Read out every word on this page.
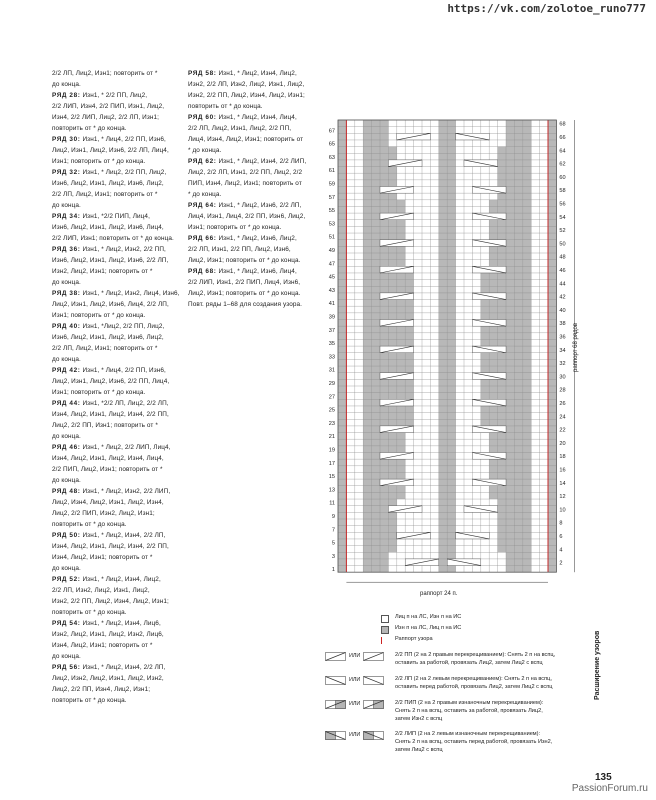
https://vk.com/zolotoe_runo777

2/2 ЛП, Лиц2, Изн1; повторить от *

до конца.

РЯД 28: Изн1, * 2/2 ПП, Лиц2,

2/2 ЛИП, Изн4, 2/2 ПИП, Изн1, Лиц2,

Изн4, 2/2 ЛИП, Лиц2, 2/2 ЛП, Изн1;

повторить от * до конца.

РЯД 30: Изн1, * Лиц4, 2/2 ПП, Изн6,

Лиц2, Изн1, Лиц2, Изн6, 2/2 ЛП, Лиц4,

Изн1; повторить от * до конца.

РЯД 32: Изн1, * Лиц2, 2/2 ПП, Лиц2,

Изн6, Лиц2, Изн1, Лиц2, Изн6, Лиц2,

2/2 ЛП, Лиц2, Изн1; повторить от *

до конца.

РЯД 34: Изн1, *2/2 ПИП, Лиц4,

Изн6, Лиц2, Изн1, Лиц2, Изн6, Лиц4,

2/2 ЛИП, Изн1; повторить от * до конца.

РЯД 36: Изн1, * Лиц2, Изн2, 2/2 ПП,

Изн6, Лиц2, Изн1, Лиц2, Изн6, 2/2 ЛП,

Изн2, Лиц2, Изн1; повторить от *

до конца.

РЯД 38: Изн1, * Лиц2, Изн2, Лиц4, Изн6,

Лиц2, Изн1, Лиц2, Изн6, Лиц4, 2/2 ЛП,

Изн1; повторить от * до конца.

РЯД 40: Изн1, *Лиц2, 2/2 ПП, Лиц2,

Изн6, Лиц2, Изн1, Лиц2, Изн6, Лиц2,

2/2 ЛП, Лиц2, Изн1; повторить от *

до конца.

РЯД 42: Изн1, * Лиц4, 2/2 ПП, Изн6,

Лиц2, Изн1, Лиц2, Изн6, 2/2 ПП, Лиц4,

Изн1; повторить от * до конца.

РЯД 44: Изн1, *2/2 ЛП, Лиц2, 2/2 ЛП,

Изн4, Лиц2, Изн1, Лиц2, Изн4, 2/2 ПП,

Лиц2, 2/2 ПП, Изн1; повторить от *

до конца.

РЯД 46: Изн1, * Лиц2, 2/2 ЛИП, Лиц4,

Изн4, Лиц2, Изн1, Лиц2, Изн4, Лиц4,

2/2 ПИП, Лиц2, Изн1; повторить от *

до конца.

РЯД 48: Изн1, * Лиц2, Изн2, 2/2 ЛИП,

Лиц2, Изн4, Лиц2, Изн1, Лиц2, Изн4,

Лиц2, 2/2 ПИП, Изн2, Лиц2, Изн1;

повторить от * до конца.

РЯД 50: Изн1, * Лиц2, Изн4, 2/2 ЛП,

Изн4, Лиц2, Изн1, Лиц2, Изн4, 2/2 ПП,

Изн4, Лиц2, Изн1; повторить от *

до конца.

РЯД 52: Изн1, * Лиц2, Изн4, Лиц2,

2/2 ЛП, Изн2, Лиц2, Изн1, Лиц2,

Изн2, 2/2 ПП, Лиц2, Изн4, Лиц2, Изн1;

повторить от * до конца.

РЯД 54: Изн1, * Лиц2, Изн4, Лиц6,

Изн2, Лиц2, Изн1, Лиц2, Изн2, Лиц6,

Изн4, Лиц2, Изн1; повторить от *

до конца.

РЯД 56: Изн1, * Лиц2, Изн4, 2/2 ЛП,

Лиц2, Изн2, Лиц2, Изн1, Лиц2, Изн2,

Лиц2, 2/2 ПП, Изн4, Лиц2, Изн1;

повторить от * до конца.

РЯД 58: Изн1, * Лиц2, Изн4, Лиц2,

Изн2, 2/2 ЛП, Изн2, Лиц2, Изн1, Лиц2,

Изн2, 2/2 ПП, Лиц2, Изн4, Лиц2, Изн1;

повторить от * до конца.

РЯД 60: Изн1, * Лиц2, Изн4, Лиц4,

2/2 ЛП, Лиц2, Изн1, Лиц2, 2/2 ПП,

Лиц4, Изн4, Лиц2, Изн1; повторить от

* до конца.

РЯД 62: Изн1, * Лиц2, Изн4, 2/2 ЛИП,

Лиц2, 2/2 ЛП, Изн1, 2/2 ПП, Лиц2, 2/2

ПИП, Изн4, Лиц2, Изн1; повторить от

* до конца.

РЯД 64: Изн1, * Лиц2, Изн6, 2/2 ЛП,

Лиц4, Изн1, Лиц4, 2/2 ПП, Изн6, Лиц2,

Изн1; повторить от * до конца.

РЯД 66: Изн1, * Лиц2, Изн6, Лиц2,

2/2 ЛП, Изн1, 2/2 ПП, Лиц2, Изн6,

Лиц2, Изн1; повторить от * до конца.

РЯД 68: Изн1, * Лиц2, Изн6, Лиц4,

2/2 ЛИП, Изн1, 2/2 ПИП, Лиц4, Изн6,

Лиц2, Изн1; повторить от * до конца.

Повт. ряды 1–68 для создания узора.

67
65
63
61
59
57
55
53
51
49
47
45
43
41
39
37
35
33
31
29
27
25
23
21
19
17
15
13
11
9
7
5
3
1
68
66
64
62
60
58
56
54
52
50
48
46
44
42
40
38
36
34
32
30
28
26
24
22
20
18
16
14
12
10
8
6
4
2
раппорт 68 рядов
раппорт 24 п.
Лиц п на ЛС, Изн п на ИС
Изн п на ЛС, Лиц п на ИС
Раппорт узора
ИЛИ	2/2 ПП (2 на 2 правым перекрещиванием): Снять 2 п на вспц,
оставить за работой, провязать Лиц2, затем Лиц2 с вспц
ИЛИ	2/2 ЛП (2 на 2 левым перекрещиванием): Снять 2 п на вспц,
оставить перед работой, провязать Лиц2, затем Лиц2 с вспц
ИЛИ	2/2 ПИП (2 на 2 правым изнаночным перекрещиванием):
Снять 2 п на вспц, оставить за работой, провязать Лиц2,
затем Изн2 с вспц
ИЛИ	2/2 ЛИП (2 на 2 левым изнаночным перекрещиванием):
Снять 2 п на вспц, оставить перед работой, провязать Изн2,
затем Лиц2 с вспц
Расширение узоров
135
PassionForum.ru
